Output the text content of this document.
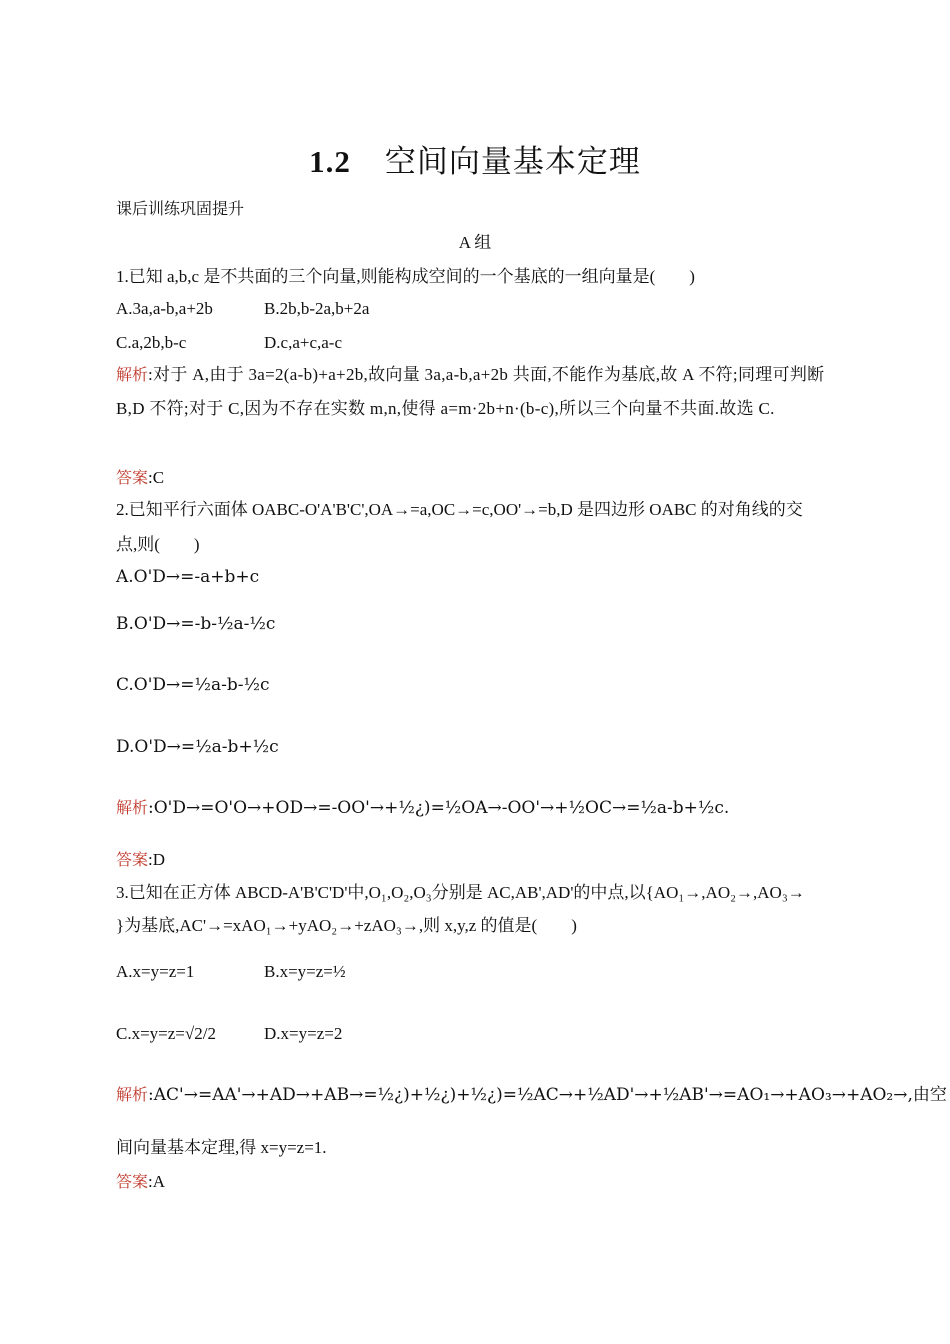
1.2 空间向量基本定理
课后训练巩固提升
A 组
1.已知 a,b,c 是不共面的三个向量,则能构成空间的一个基底的一组向量是(　　)
A.3a,a-b,a+2b	B.2b,b-2a,b+2a
C.a,2b,b-c	D.c,a+c,a-c
解析:对于 A,由于 3a=2(a-b)+a+2b,故向量 3a,a-b,a+2b 共面,不能作为基底,故 A 不符;同理可判断 B,D 不符;对于 C,因为不存在实数 m,n,使得 a=m·2b+n·(b-c),所以三个向量不共面.故选 C.
答案:C
2.已知平行六面体 OABC-O'A'B'C',OA→=a,OC→=c,OO'→=b,D 是四边形 OABC 的对角线的交
点,则(　　)
A.O'D→=-a+b+c
B.O'D→=-b-½a-½c
C.O'D→=½a-b-½c
D.O'D→=½a-b+½c
解析:O'D→=O'O→+OD→=-OO'→+½¿)=½OA→-OO'→+½OC→=½a-b+½c.
答案:D
3.已知在正方体 ABCD-A'B'C'D'中,O₁,O₂,O₃分别是 AC,AB',AD'的中点,以{AO₁→,AO₂→,AO₃→
}为基底,AC'→=xAO₁→+yAO₂→+zAO₃→,则 x,y,z 的值是(　　)
A.x=y=z=1	B.x=y=z=½
C.x=y=z=√2/2	D.x=y=z=2
解析:AC'→=AA'→+AD→+AB→=½¿)+½¿)+½¿)=½AC→+½AD'→+½AB'→=AO₁→+AO₃→+AO₂→,由空
间向量基本定理,得 x=y=z=1.
答案:A
